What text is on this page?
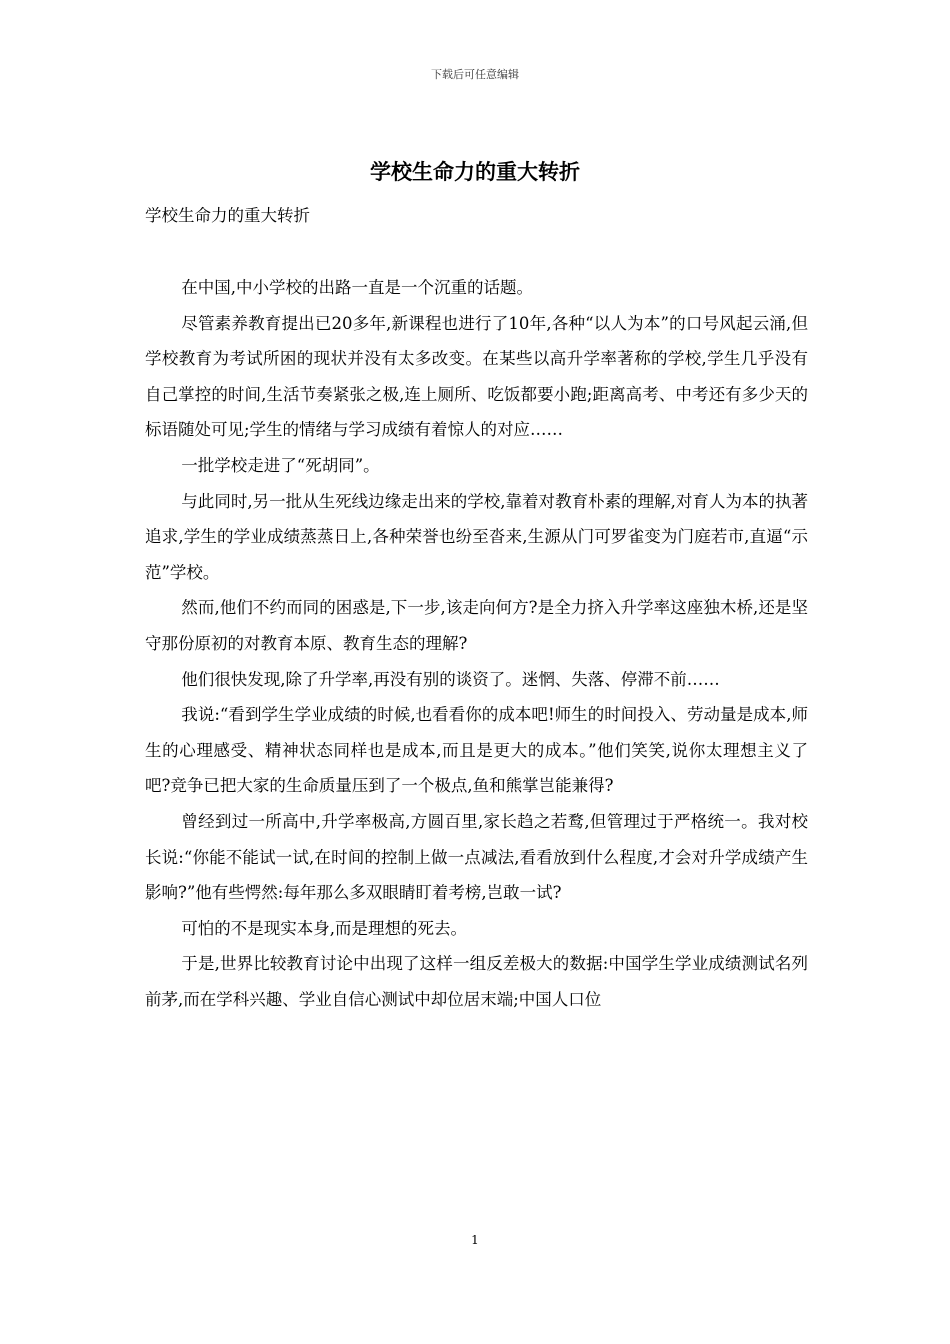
下载后可任意编辑
学校生命力的重大转折

学校生命力的重大转折

在中国,中小学校的出路一直是一个沉重的话题。

尽管素养教育提出已20多年,新课程也进行了10年,各种“以人为本”的口号风起云涌,但学校教育为考试所困的现状并没有太多改变。在某些以高升学率著称的学校,学生几乎没有自己掌控的时间,生活节奏紧张之极,连上厕所、吃饭都要小跑;距离高考、中考还有多少天的标语随处可见;学生的情绪与学习成绩有着惊人的对应……

一批学校走进了“死胡同”。

与此同时,另一批从生死线边缘走出来的学校,靠着对教育朴素的理解,对育人为本的执著追求,学生的学业成绩蒸蒸日上,各种荣誉也纷至沓来,生源从门可罗雀变为门庭若市,直逼“示范”学校。

然而,他们不约而同的困惑是,下一步,该走向何方?是全力挤入升学率这座独木桥,还是坚守那份原初的对教育本原、教育生态的理解?

他们很快发现,除了升学率,再没有别的谈资了。迷惘、失落、停滞不前……

我说:“看到学生学业成绩的时候,也看看你的成本吧!师生的时间投入、劳动量是成本,师生的心理感受、精神状态同样也是成本,而且是更大的成本。”他们笑笑,说你太理想主义了吧?竞争已把大家的生命质量压到了一个极点,鱼和熊掌岂能兼得?

曾经到过一所高中,升学率极高,方圆百里,家长趋之若鹜,但管理过于严格统一。我对校长说:“你能不能试一试,在时间的控制上做一点减法,看看放到什么程度,才会对升学成绩产生影响?”他有些愕然:每年那么多双眼睛盯着考榜,岂敢一试?

可怕的不是现实本身,而是理想的死去。

于是,世界比较教育讨论中出现了这样一组反差极大的数据:中国学生学业成绩测试名列前茅,而在学科兴趣、学业自信心测试中却位居末端;中国人口位

1
